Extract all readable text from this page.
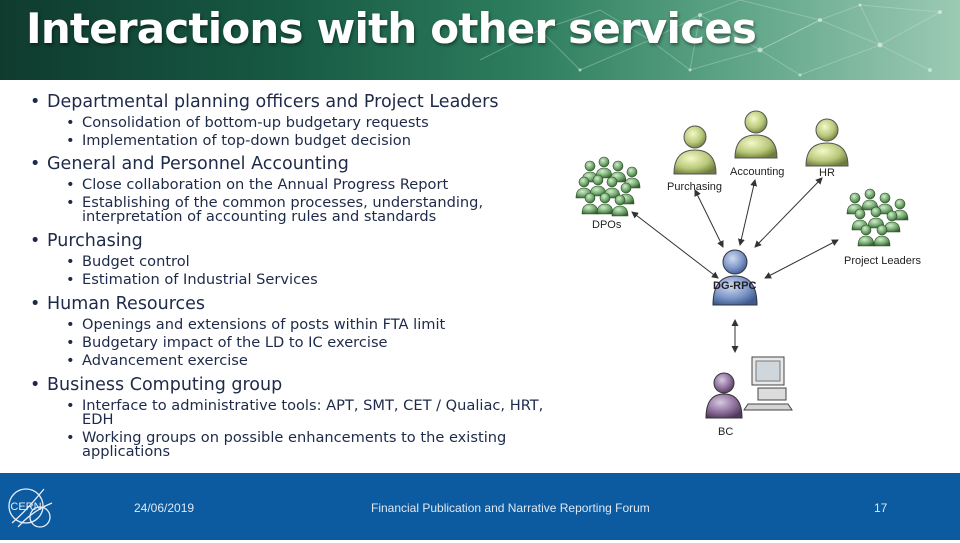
Interactions with other services
• Departmental planning officers and Project Leaders
• Consolidation of bottom-up budgetary requests
• Implementation of top-down budget decision
• General and Personnel Accounting
• Close collaboration on the Annual Progress Report
• Establishing of the common processes, understanding,
interpretation of accounting rules and standards
• Purchasing
• Budget control
• Estimation of Industrial Services
• Human Resources
• Openings and extensions of posts within FTA limit
• Budgetary impact of the LD to IC exercise
• Advancement exercise
• Business Computing group
• Interface to administrative tools: APT, SMT, CET / Qualiac, HRT,
EDH
• Working groups on possible enhancements to the existing
applications
Purchasing
Accounting	HR
DPOs
Project Leaders
DG-RPC
BC
CERN	24/06/2019	Financial Publication and Narrative Reporting Forum	17
